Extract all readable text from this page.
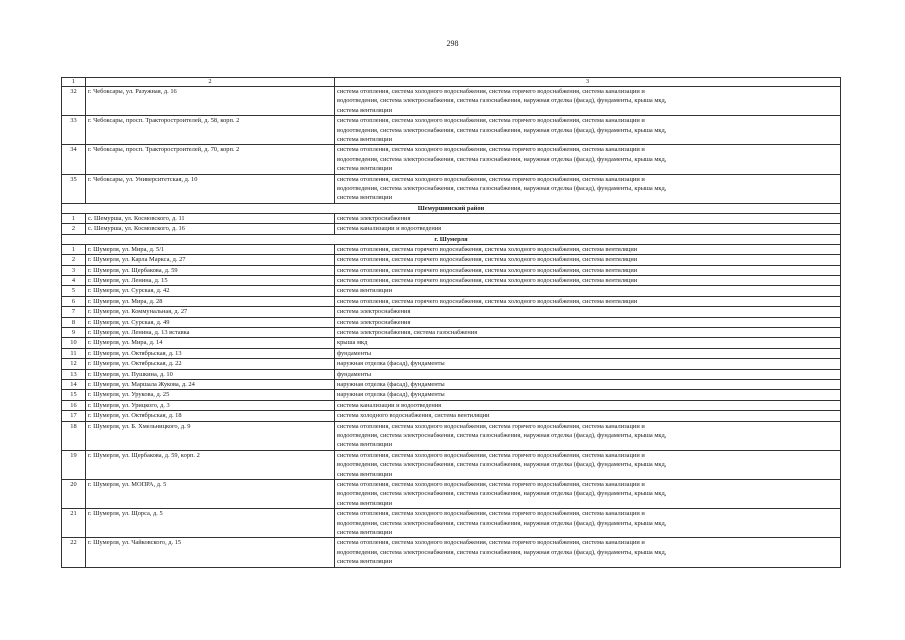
298
1	2	3
32	г. Чебоксары, ул. Разужная, д. 16	система отопления, система холодного водоснабжения, система горячего водоснабжения, система канализации и
водоотведения, система электроснабжения, система газоснабжения, наружная отделка (фасад), фундаменты, крыша мкд,
система вентиляции

33	г. Чебоксары, просп. Тракторостроителей, д. 58, корп. 2	система отопления, система холодного водоснабжения, система горячего водоснабжения, система канализации и
водоотведения, система электроснабжения, система газоснабжения, наружная отделка (фасад), фундаменты, крыша мкд,
система вентиляции

34	г. Чебоксары, просп. Тракторостроителей, д. 70, корп. 2	система отопления, система холодного водоснабжения, система горячего водоснабжения, система канализации и
водоотведения, система электроснабжения, система газоснабжения, наружная отделка (фасад), фундаменты, крыша мкд,
система вентиляции

35	г. Чебоксары, ул. Университетская, д. 10	система отопления, система холодного водоснабжения, система горячего водоснабжения, система канализации и
водоотведения, система электроснабжения, система газоснабжения, наружная отделка (фасад), фундаменты, крыша мкд,
система вентиляции

Шемуршинский район		
1	с. Шемурша, ул. Космовского, д. 11	система электроснабжения

2	с. Шемурша, ул. Космовского, д. 16	система канализации и водоотведения

г. Шумерля		
1	г. Шумерля, ул. Мира, д. 5/1	система отопления, система горячего водоснабжения, система холодного водоснабжения, система вентиляции

2	г. Шумерля, ул. Карла Маркса, д. 27	система отопления, система горячего водоснабжения, система холодного водоснабжения, система вентиляции

3	г. Шумерля, ул. Щербакова, д. 59	система отопления, система горячего водоснабжения, система холодного водоснабжения, система вентиляции

4	г. Шумерля, ул. Ленина, д. 15	система отопления, система горячего водоснабжения, система холодного водоснабжения, система вентиляции

5	г. Шумерля, ул. Сурская, д. 42	система вентиляции

6	г. Шумерля, ул. Мира, д. 28	система отопления, система горячего водоснабжения, система холодного водоснабжения, система вентиляции

7	г. Шумерля, ул. Коммунальная, д. 27	система электроснабжения

8	г. Шумерля, ул. Сурская, д. 49	система электроснабжения

9	г. Шумерля, ул. Ленина, д. 13 вставка	система электроснабжения, система газоснабжения

10	г. Шумерля, ул. Мира, д. 14	крыша мкд

11	г. Шумерля, ул. Октябрьская, д. 13	фундаменты

12	г. Шумерля, ул. Октябрьская, д. 22	наружная отделка (фасад), фундаменты

13	г. Шумерля, ул. Пушкина, д. 10	фундаменты

14	г. Шумерля, ул. Маршала Жукова, д. 24	наружная отделка (фасад), фундаменты

15	г. Шумерля, ул. Урукова, д. 25	наружная отделка (фасад), фундаменты

16	г. Шумерля, ул. Урицкого, д. 3	система канализации и водоотведения

17	г. Шумерля, ул. Октябрьская, д. 18	система холодного водоснабжения, система вентиляции

18	г. Шумерля, ул. Б. Хмельницкого, д. 9	система отопления, система холодного водоснабжения, система горячего водоснабжения, система канализации и
водоотведения, система электроснабжения, система газоснабжения, наружная отделка (фасад), фундаменты, крыша мкд,
система вентиляции

19	г. Шумерля, ул. Щербакова, д. 59, корп. 2	система отопления, система холодного водоснабжения, система горячего водоснабжения, система канализации и
водоотведения, система электроснабжения, система газоснабжения, наружная отделка (фасад), фундаменты, крыша мкд,
система вентиляции

20	г. Шумерля, ул. МОПРА, д. 5	система отопления, система холодного водоснабжения, система горячего водоснабжения, система канализации и
водоотведения, система электроснабжения, система газоснабжения, наружная отделка (фасад), фундаменты, крыша мкд,
система вентиляции

21	г. Шумерля, ул. Щорса, д. 5	система отопления, система холодного водоснабжения, система горячего водоснабжения, система канализации и
водоотведения, система электроснабжения, система газоснабжения, наружная отделка (фасад), фундаменты, крыша мкд,
система вентиляции

22	г. Шумерля, ул. Чайковского, д. 15	система отопления, система холодного водоснабжения, система горячего водоснабжения, система канализации и
водоотведения, система электроснабжения, система газоснабжения, наружная отделка (фасад), фундаменты, крыша мкд,
система вентиляции
